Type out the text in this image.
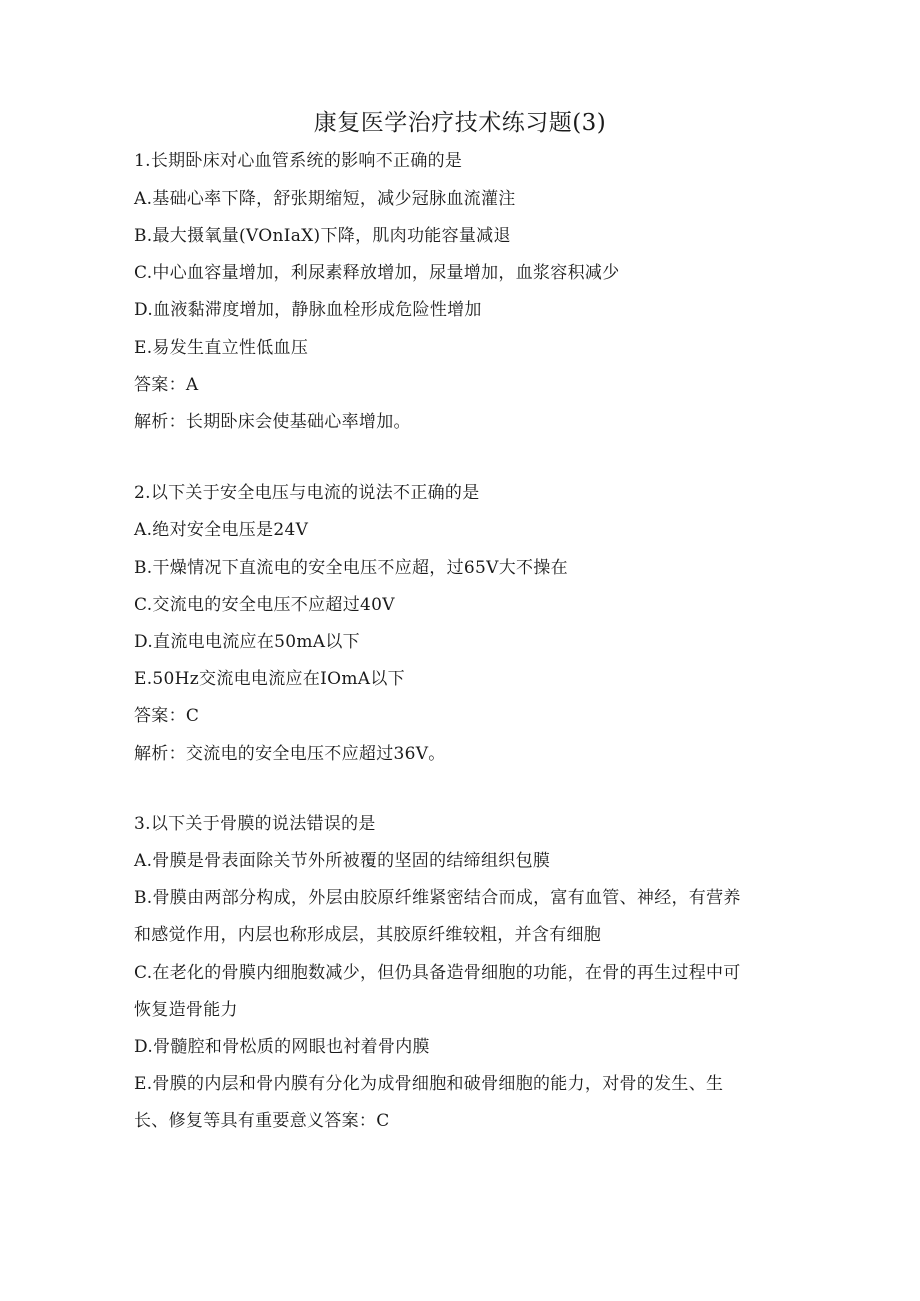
康复医学治疗技术练习题(3)
1.长期卧床对心血管系统的影响不正确的是
A.基础心率下降，舒张期缩短，减少冠脉血流灌注
B.最大摄氧量(VOnIaX)下降，肌肉功能容量减退
C.中心血容量增加，利尿素释放增加，尿量增加，血浆容积减少
D.血液黏滞度增加，静脉血栓形成危险性增加
E.易发生直立性低血压
答案：A
解析：长期卧床会使基础心率增加。
2.以下关于安全电压与电流的说法不正确的是
A.绝对安全电压是24V
B.干燥情况下直流电的安全电压不应超，过65V大不操在
C.交流电的安全电压不应超过40V
D.直流电电流应在50mA以下
E.50Hz交流电电流应在IOmA以下
答案：C
解析：交流电的安全电压不应超过36V。
3.以下关于骨膜的说法错误的是
A.骨膜是骨表面除关节外所被覆的坚固的结缔组织包膜
B.骨膜由两部分构成，外层由胶原纤维紧密结合而成，富有血管、神经，有营养
和感觉作用，内层也称形成层，其胶原纤维较粗，并含有细胞
C.在老化的骨膜内细胞数减少，但仍具备造骨细胞的功能，在骨的再生过程中可
恢复造骨能力
D.骨髓腔和骨松质的网眼也衬着骨内膜
E.骨膜的内层和骨内膜有分化为成骨细胞和破骨细胞的能力，对骨的发生、生
长、修复等具有重要意义答案：C
